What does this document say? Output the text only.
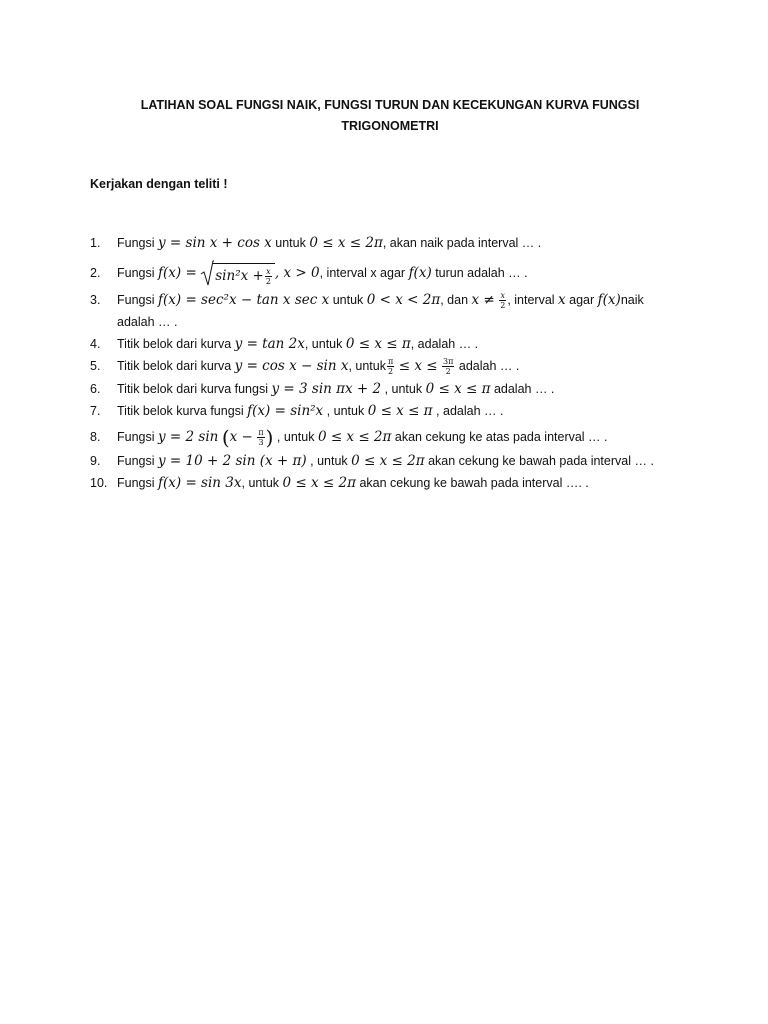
LATIHAN SOAL FUNGSI NAIK, FUNGSI TURUN DAN KECEKUNGAN KURVA FUNGSI
TRIGONOMETRI
Kerjakan dengan teliti !
1. Fungsi y = sin x + cos x untuk 0 ≤ x ≤ 2π, akan naik pada interval … .
2. Fungsi $f(x) = \sin^2x + \frac{x}{2}$ , x > 0, interval x agar f(x) turun adalah … .
3. Fungsi f(x) = sec²x − tan x sec x untuk 0 < x < 2π, dan $x \ne \frac{x}{2}$ , interval x agar f(x)naik
adalah … .
4. Titik belok dari kurva y = tan 2x, untuk 0 ≤ x ≤ π, adalah … .
5. Titik belok dari kurva y = cos x − sin x, untuk $\frac{\pi}{2} \le x \le \frac{3\pi}{2}$ adalah … .
6. Titik belok dari kurva fungsi y = 3 sin πx + 2 , untuk 0 ≤ x ≤ π adalah … .
7. Titik belok kurva fungsi f(x) = sin²x , untuk 0 ≤ x ≤ π , adalah … .
8. Fungsi y = 2 $\sin (x - \frac{\pi}{3}$ ) , untuk 0 ≤ x ≤ 2π akan cekung ke atas pada interval … .
9. Fungsi y = 10 + 2 sin (x + π) , untuk 0 ≤ x ≤ 2π akan cekung ke bawah pada interval … .
10. Fungsi f(x) = sin 3x, untuk 0 ≤ x ≤ 2π akan cekung ke bawah pada interval …. .
